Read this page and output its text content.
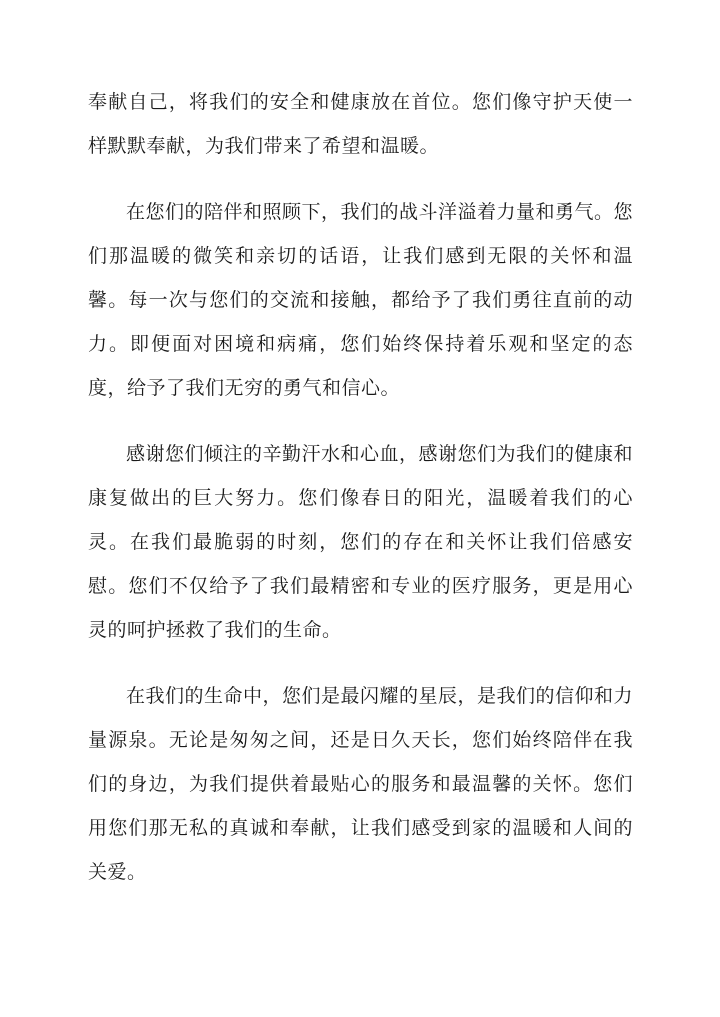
奉献自己，将我们的安全和健康放在首位。您们像守护天使一样默默奉献，为我们带来了希望和温暖。

在您们的陪伴和照顾下，我们的战斗洋溢着力量和勇气。您们那温暖的微笑和亲切的话语，让我们感到无限的关怀和温馨。每一次与您们的交流和接触，都给予了我们勇往直前的动力。即便面对困境和病痛，您们始终保持着乐观和坚定的态度，给予了我们无穷的勇气和信心。

感谢您们倾注的辛勤汗水和心血，感谢您们为我们的健康和康复做出的巨大努力。您们像春日的阳光，温暖着我们的心灵。在我们最脆弱的时刻，您们的存在和关怀让我们倍感安慰。您们不仅给予了我们最精密和专业的医疗服务，更是用心灵的呵护拯救了我们的生命。

在我们的生命中，您们是最闪耀的星辰，是我们的信仰和力量源泉。无论是匆匆之间，还是日久天长，您们始终陪伴在我们的身边，为我们提供着最贴心的服务和最温馨的关怀。您们用您们那无私的真诚和奉献，让我们感受到家的温暖和人间的关爱。
